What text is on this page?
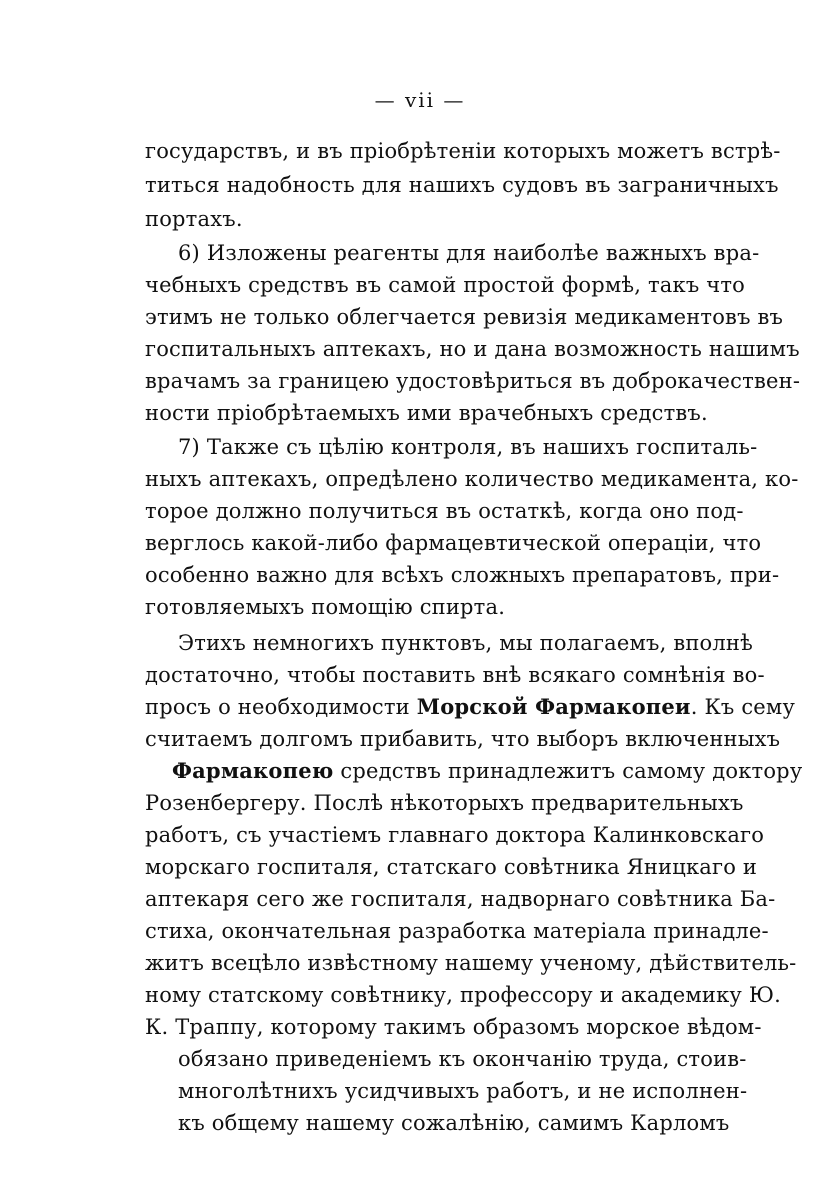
— vii —
государствъ, и въ пріобрѣтеніи которыхъ можетъ встрѣ-
титься надобность для нашихъ судовъ въ заграничныхъ
портахъ.
6) Изложены реагенты для наиболѣе важныхъ вра-
чебныхъ средствъ въ самой простой формѣ, такъ что
этимъ не только облегчается ревизія медикаментовъ въ
госпитальныхъ аптекахъ, но и дана возможность нашимъ
врачамъ за границею удостовѣриться въ доброкачествен-
ности пріобрѣтаемыхъ ими врачебныхъ средствъ.
7) Также съ цѣлію контроля, въ нашихъ госпиталь-
ныхъ аптекахъ, опредѣлено количество медикамента, ко-
торое должно получиться въ остаткѣ, когда оно под-
верглось какой-либо фармацевтической операціи, что
особенно важно для всѣхъ сложныхъ препаратовъ, при-
готовляемыхъ помощію спирта.
Этихъ немногихъ пунктовъ, мы полагаемъ, вполнѣ
достаточно, чтобы поставить внѣ всякаго сомнѣнія во-
просъ о необходимости Морской Фармакопеи. Къ сему
считаемъ долгомъ прибавить, что выборъ включенныхъ
Фармакопею средствъ принадлежитъ самому доктору
Розенбергеру. Послѣ нѣкоторыхъ предварительныхъ
работъ, съ участіемъ главнаго доктора Калинковскаго
морскаго госпиталя, статскаго совѣтника Яницкаго и
аптекаря сего же госпиталя, надворнаго совѣтника Ба-
стиха, окончательная разработка матеріала принадле-
житъ всецѣло извѣстному нашему ученому, дѣйствитель-
ному статскому совѣтнику, профессору и академику Ю.
К. Траппу, которому такимъ образомъ морское вѣдом-
обязано приведеніемъ къ окончанію труда, стоив-
многолѣтнихъ усидчивыхъ работъ, и не исполнен-
къ общему нашему сожалѣнію, самимъ Карломъ
